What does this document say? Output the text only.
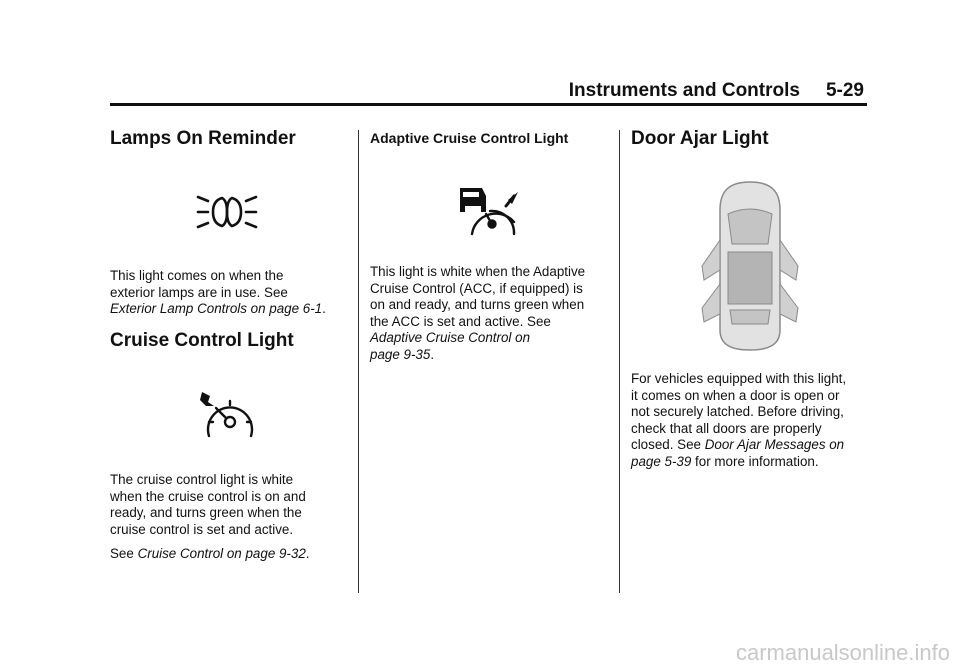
Instruments and Controls 5-29
Lamps On Reminder
This light comes on when the
exterior lamps are in use. See
Exterior Lamp Controls on page 6-1.
Cruise Control Light
The cruise control light is white
when the cruise control is on and
ready, and turns green when the
cruise control is set and active.
See Cruise Control on page 9-32.
Adaptive Cruise Control Light
This light is white when the Adaptive
Cruise Control (ACC, if equipped) is
on and ready, and turns green when
the ACC is set and active. See
Adaptive Cruise Control on
page 9-35.
Door Ajar Light
For vehicles equipped with this light,
it comes on when a door is open or
not securely latched. Before driving,
check that all doors are properly
closed. See Door Ajar Messages on
page 5-39 for more information.
carmanualsonline.info
